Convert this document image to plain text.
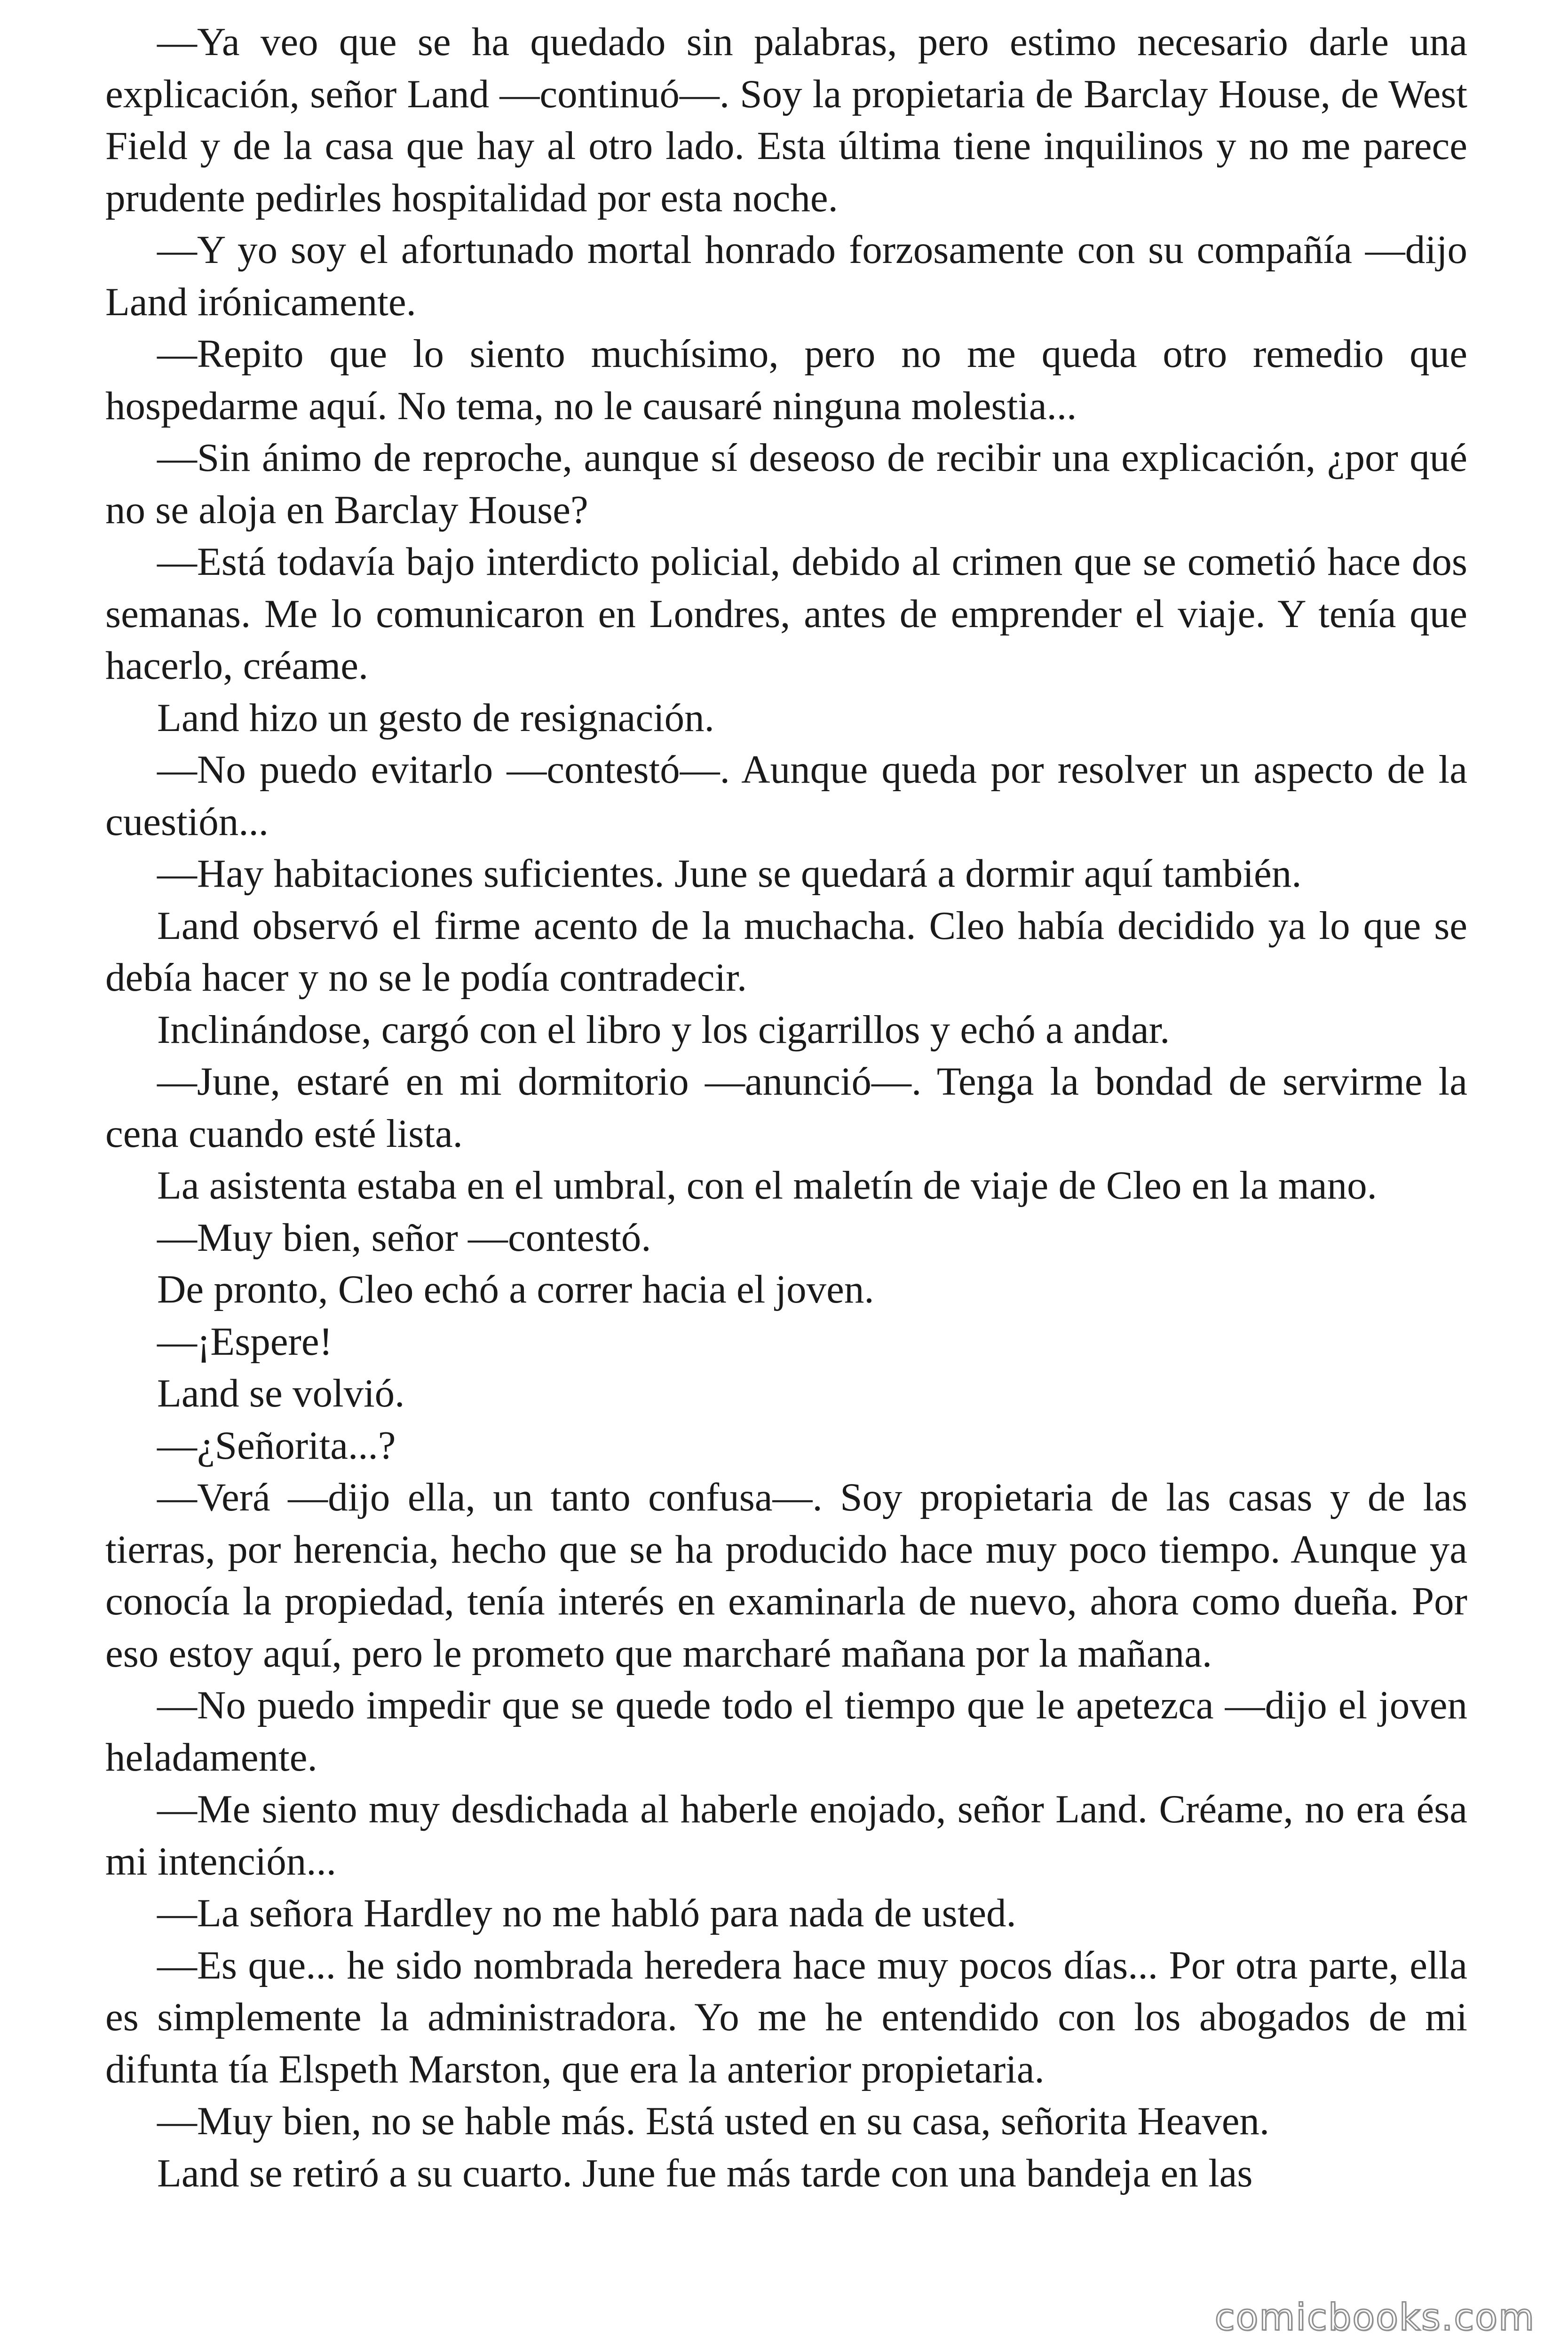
—Ya veo que se ha quedado sin palabras, pero estimo necesario darle una explicación, señor Land —continuó—. Soy la propietaria de Barclay House, de West Field y de la casa que hay al otro lado. Esta última tiene inquilinos y no me parece prudente pedirles hospitalidad por esta noche.

—Y yo soy el afortunado mortal honrado forzosamente con su compañía —dijo Land irónicamente.

—Repito que lo siento muchísimo, pero no me queda otro remedio que hospedarme aquí. No tema, no le causaré ninguna molestia...

—Sin ánimo de reproche, aunque sí deseoso de recibir una explicación, ¿por qué no se aloja en Barclay House?

—Está todavía bajo interdicto policial, debido al crimen que se cometió hace dos semanas. Me lo comunicaron en Londres, antes de emprender el viaje. Y tenía que hacerlo, créame.

Land hizo un gesto de resignación.

—No puedo evitarlo —contestó—. Aunque queda por resolver un aspecto de la cuestión...

—Hay habitaciones suficientes. June se quedará a dormir aquí también.

Land observó el firme acento de la muchacha. Cleo había decidido ya lo que se debía hacer y no se le podía contradecir.

Inclinándose, cargó con el libro y los cigarrillos y echó a andar.

—June, estaré en mi dormitorio —anunció—. Tenga la bondad de servirme la cena cuando esté lista.

La asistenta estaba en el umbral, con el maletín de viaje de Cleo en la mano.

—Muy bien, señor —contestó.

De pronto, Cleo echó a correr hacia el joven.

—¡Espere!

Land se volvió.

—¿Señorita...?

—Verá —dijo ella, un tanto confusa—. Soy propietaria de las casas y de las tierras, por herencia, hecho que se ha producido hace muy poco tiempo. Aunque ya conocía la propiedad, tenía interés en examinarla de nuevo, ahora como dueña. Por eso estoy aquí, pero le prometo que marcharé mañana por la mañana.

—No puedo impedir que se quede todo el tiempo que le apetezca —dijo el joven heladamente.

—Me siento muy desdichada al haberle enojado, señor Land. Créame, no era ésa mi intención...

—La señora Hardley no me habló para nada de usted.

—Es que... he sido nombrada heredera hace muy pocos días... Por otra parte, ella es simplemente la administradora. Yo me he entendido con los abogados de mi difunta tía Elspeth Marston, que era la anterior propietaria.

—Muy bien, no se hable más. Está usted en su casa, señorita Heaven.

Land se retiró a su cuarto. June fue más tarde con una bandeja en las

comicbooks.com
